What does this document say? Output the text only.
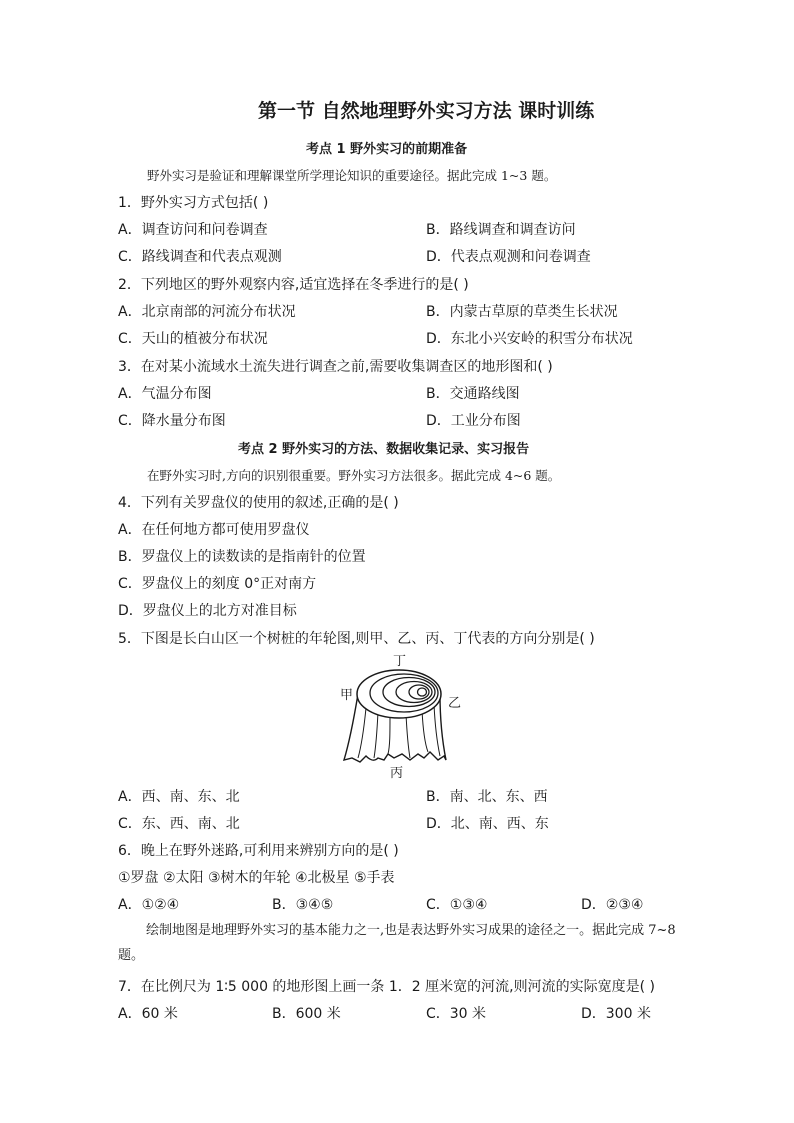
第一节 自然地理野外实习方法 课时训练
考点 1 野外实习的前期准备
野外实习是验证和理解课堂所学理论知识的重要途径。据此完成 1~3 题。
1．野外实习方式包括( )
A．调查访问和问卷调查	B．路线调查和调查访问
C．路线调查和代表点观测	D．代表点观测和问卷调查
2．下列地区的野外观察内容,适宜选择在冬季进行的是( )
A．北京南部的河流分布状况	B．内蒙古草原的草类生长状况
C．天山的植被分布状况	D．东北小兴安岭的积雪分布状况
3．在对某小流域水土流失进行调查之前,需要收集调查区的地形图和( )
A．气温分布图	B．交通路线图
C．降水量分布图	D．工业分布图
考点 2 野外实习的方法、数据收集记录、实习报告
在野外实习时,方向的识别很重要。野外实习方法很多。据此完成 4~6 题。
4．下列有关罗盘仪的使用的叙述,正确的是( )
A．在任何地方都可使用罗盘仪
B．罗盘仪上的读数读的是指南针的位置
C．罗盘仪上的刻度 0°正对南方
D．罗盘仪上的北方对准目标
5．下图是长白山区一个树桩的年轮图,则甲、乙、丙、丁代表的方向分别是( )
丁
甲
乙
丙
A．西、南、东、北	B．南、北、东、西
C．东、西、南、北	D．北、南、西、东
6．晚上在野外迷路,可利用来辨别方向的是( )
①罗盘 ②太阳 ③树木的年轮 ④北极星 ⑤手表
A．①②④	B．③④⑤	C．①③④	D．②③④
绘制地图是地理野外实习的基本能力之一,也是表达野外实习成果的途径之一。据此完成 7~8 题。
7．在比例尺为 1∶5 000 的地形图上画一条 1．2 厘米宽的河流,则河流的实际宽度是( )
A．60 米	B．600 米	C．30 米	D．300 米
